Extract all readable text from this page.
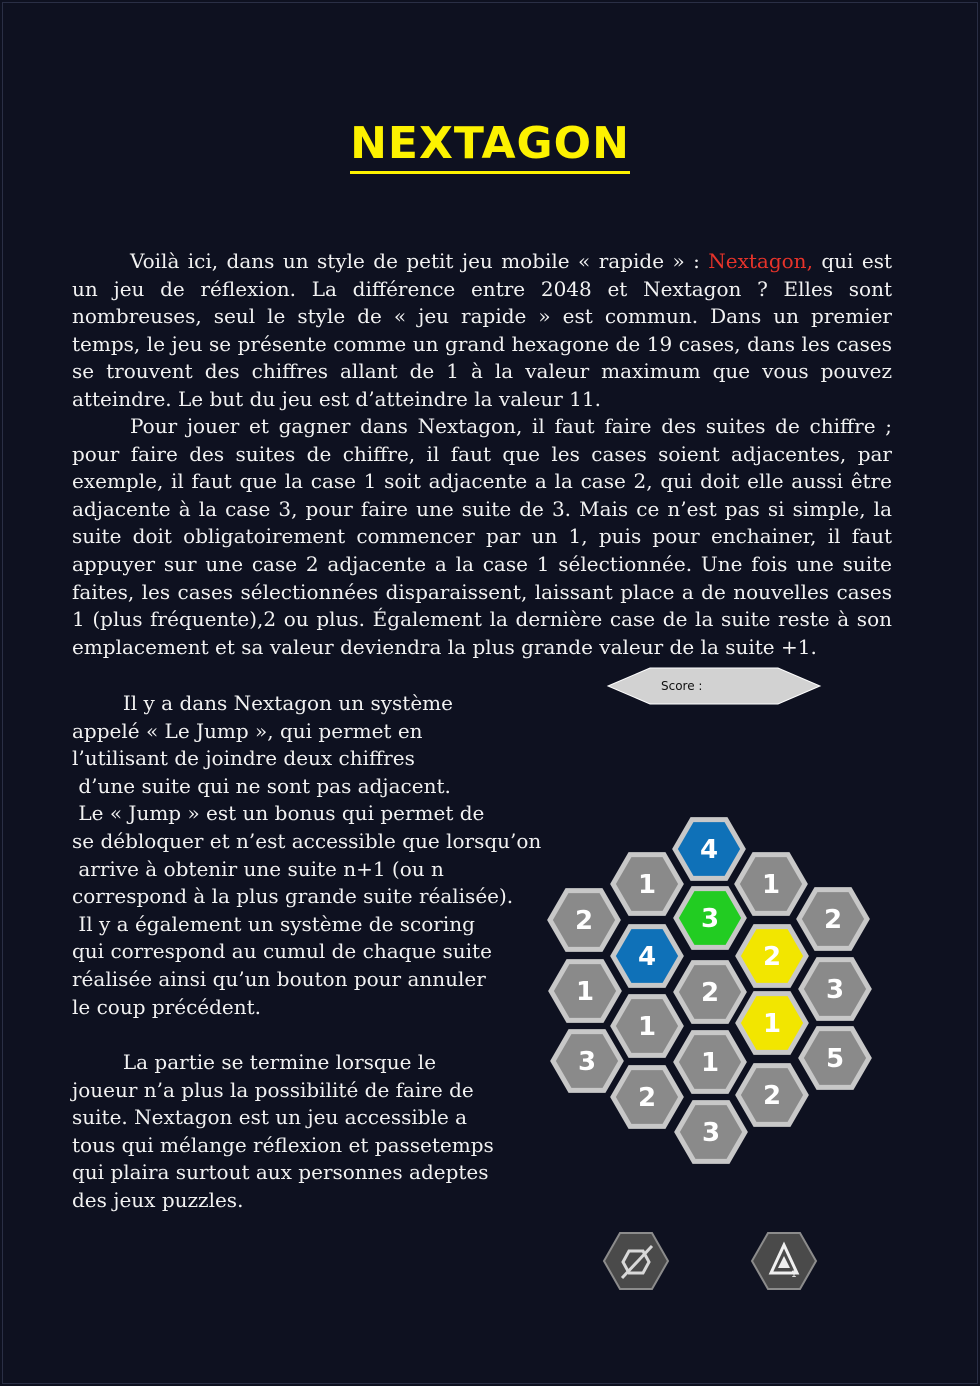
NEXTAGON
Voilà ici, dans un style de petit jeu mobile « rapide » : Nextagon, qui est un jeu de réflexion. La différence entre 2048 et Nextagon ? Elles sont nombreuses, seul le style de « jeu rapide » est commun. Dans un premier temps, le jeu se présente comme un grand hexagone de 19 cases, dans les cases se trouvent des chiffres allant de 1 à la valeur maximum que vous pouvez atteindre. Le but du jeu est d’atteindre la valeur 11.
Pour jouer et gagner dans Nextagon, il faut faire des suites de chiffre ; pour faire des suites de chiffre, il faut que les cases soient adjacentes, par exemple, il faut que la case 1 soit adjacente a la case 2, qui doit elle aussi être adjacente à la case 3, pour faire une suite de 3. Mais ce n’est pas si simple, la suite doit obligatoirement commencer par un 1, puis pour enchainer, il faut appuyer sur une case 2 adjacente a la case 1 sélectionnée. Une fois une suite faites, les cases sélectionnées disparaissent, laissant place a de nouvelles cases 1 (plus fréquente),2 ou plus. Également la dernière case de la suite reste à son emplacement et sa valeur deviendra la plus grande valeur de la suite +1.
Il y a dans Nextagon un système
appelé « Le Jump », qui permet en
l’utilisant de joindre deux chiffres
d’une suite qui ne sont pas adjacent.
Le « Jump » est un bonus qui permet de
se débloquer et n’est accessible que lorsqu’on
arrive à obtenir une suite n+1 (ou n
correspond à la plus grande suite réalisée).
Il y a également un système de scoring
qui correspond au cumul de chaque suite
réalisée ainsi qu’un bouton pour annuler
le coup précédent.
La partie se termine lorsque le
joueur n’a plus la possibilité de faire de
suite. Nextagon est un jeu accessible a
tous qui mélange réflexion et passetemps
qui plaira surtout aux personnes adeptes
des jeux puzzles.
Score :
4
1	1
3
2	2
4	2
1	2	3
1	1
3	1	5
2	2
3
1
